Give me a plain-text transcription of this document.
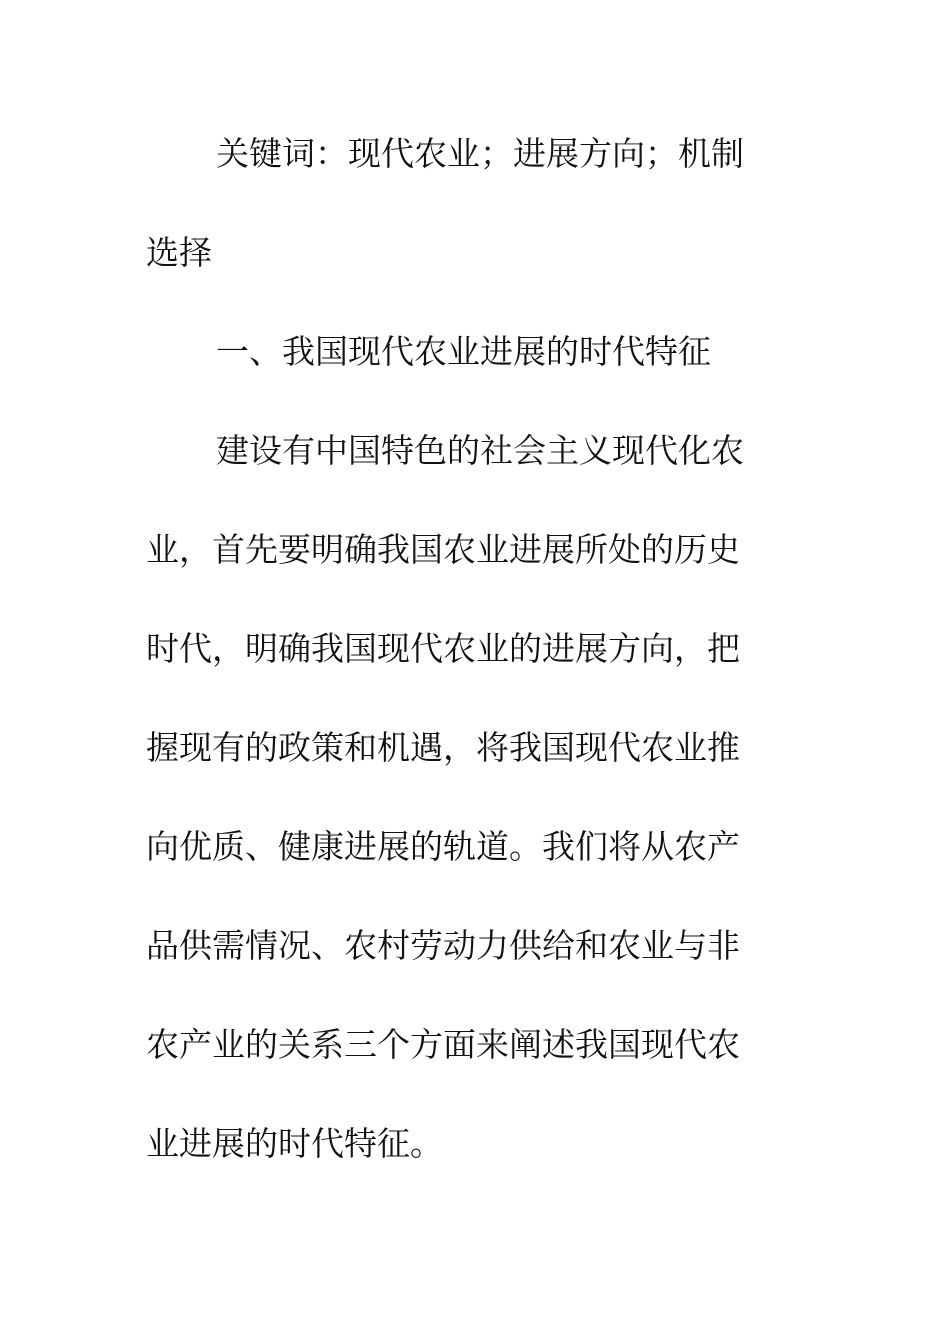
关键词：现代农业；进展方向；机制
选择
一、我国现代农业进展的时代特征
建设有中国特色的社会主义现代化农
业，首先要明确我国农业进展所处的历史
时代，明确我国现代农业的进展方向，把
握现有的政策和机遇，将我国现代农业推
向优质、健康进展的轨道。我们将从农产
品供需情况、农村劳动力供给和农业与非
农产业的关系三个方面来阐述我国现代农
业进展的时代特征。
